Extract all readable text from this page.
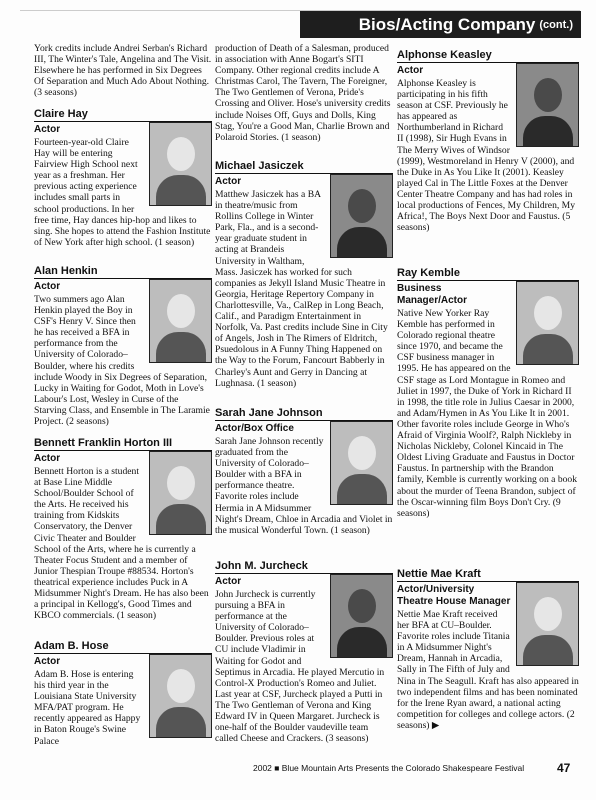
Bios/Acting Company (cont.)
York credits include Andrei Serban's Richard III, The Winter's Tale, Angelina and The Visit. Elsewhere he has performed in Six Degrees Of Separation and Much Ado About Nothing. (3 seasons)
Claire Hay
Actor
Fourteen-year-old Claire Hay will be entering Fairview High School next year as a freshman. Her previous acting experience includes small parts in school productions. In her free time, Hay dances hip-hop and likes to sing. She hopes to attend the Fashion Institute of New York after high school. (1 season)
Alan Henkin
Actor
Two summers ago Alan Henkin played the Boy in CSF's Henry V. Since then he has received a BFA in performance from the University of Colorado–Boulder, where his credits include Woody in Six Degrees of Separation, Lucky in Waiting for Godot, Moth in Love's Labour's Lost, Wesley in Curse of the Starving Class, and Ensemble in The Laramie Project. (2 seasons)
Bennett Franklin Horton III
Actor
Bennett Horton is a student at Base Line Middle School/Boulder School of the Arts. He received his training from Kidskits Conservatory, the Denver Civic Theater and Boulder School of the Arts, where he is currently a Theater Focus Student and a member of Junior Thespian Troupe #88534. Horton's theatrical experience includes Puck in A Midsummer Night's Dream. He has also been a principal in Kellogg's, Good Times and KBCO commercials. (1 season)
Adam B. Hose
Actor
Adam B. Hose is entering his third year in the Louisiana State University MFA/PAT program. He recently appeared as Happy in Baton Rouge's Swine Palace
production of Death of a Salesman, produced in association with Anne Bogart's SITI Company. Other regional credits include A Christmas Carol, The Tavern, The Foreigner, The Two Gentlemen of Verona, Pride's Crossing and Oliver. Hose's university credits include Noises Off, Guys and Dolls, King Stag, You're a Good Man, Charlie Brown and Polaroid Stories. (1 season)
Michael Jasiczek
Actor
Matthew Jasiczek has a BA in theatre/music from Rollins College in Winter Park, Fla., and is a second-year graduate student in acting at Brandeis University in Waltham, Mass. Jasiczek has worked for such companies as Jekyll Island Music Theatre in Georgia, Heritage Repertory Company in Charlottesville, Va., CalRep in Long Beach, Calif., and Paradigm Entertainment in Norfolk, Va. Past credits include Sine in City of Angels, Josh in The Rimers of Eldritch, Psuedolous in A Funny Thing Happened on the Way to the Forum, Fancourt Babberly in Charley's Aunt and Gerry in Dancing at Lughnasa. (1 season)
Sarah Jane Johnson
Actor/Box Office
Sarah Jane Johnson recently graduated from the University of Colorado–Boulder with a BFA in performance theatre. Favorite roles include Hermia in A Midsummer Night's Dream, Chloe in Arcadia and Violet in the musical Wonderful Town. (1 season)
John M. Jurcheck
Actor
John Jurcheck is currently pursuing a BFA in performance at the University of Colorado–Boulder. Previous roles at CU include Vladimir in Waiting for Godot and Septimus in Arcadia. He played Mercutio in Control-X Production's Romeo and Juliet. Last year at CSF, Jurcheck played a Putti in The Two Gentleman of Verona and King Edward IV in Queen Margaret. Jurcheck is one-half of the Boulder vaudeville team called Cheese and Crackers. (3 seasons)
Alphonse Keasley
Actor
Alphonse Keasley is participating in his fifth season at CSF. Previously he has appeared as Northumberland in Richard II (1998), Sir Hugh Evans in The Merry Wives of Windsor (1999), Westmoreland in Henry V (2000), and the Duke in As You Like It (2001). Keasley played Cal in The Little Foxes at the Denver Center Theatre Company and has had roles in local productions of Fences, My Children, My Africa!, The Boys Next Door and Faustus. (5 seasons)
Ray Kemble
Business Manager/Actor
Native New Yorker Ray Kemble has performed in Colorado regional theatre since 1970, and became the CSF business manager in 1995. He has appeared on the CSF stage as Lord Montague in Romeo and Juliet in 1997, the Duke of York in Richard II in 1998, the title role in Julius Caesar in 2000, and Adam/Hymen in As You Like It in 2001. Other favorite roles include George in Who's Afraid of Virginia Woolf?, Ralph Nickleby in Nicholas Nickleby, Colonel Kincaid in The Oldest Living Graduate and Faustus in Doctor Faustus. In partnership with the Brandon family, Kemble is currently working on a book about the murder of Teena Brandon, subject of the Oscar-winning film Boys Don't Cry. (9 seasons)
Nettie Mae Kraft
Actor/University Theatre House Manager
Nettie Mae Kraft received her BFA at CU–Boulder. Favorite roles include Titania in A Midsummer Night's Dream, Hannah in Arcadia, Sally in The Fifth of July and Nina in The Seagull. Kraft has also appeared in two independent films and has been nominated for the Irene Ryan award, a national acting competition for colleges and college actors. (2 seasons) ▶
2002 ■ Blue Mountain Arts Presents the Colorado Shakespeare Festival	47
